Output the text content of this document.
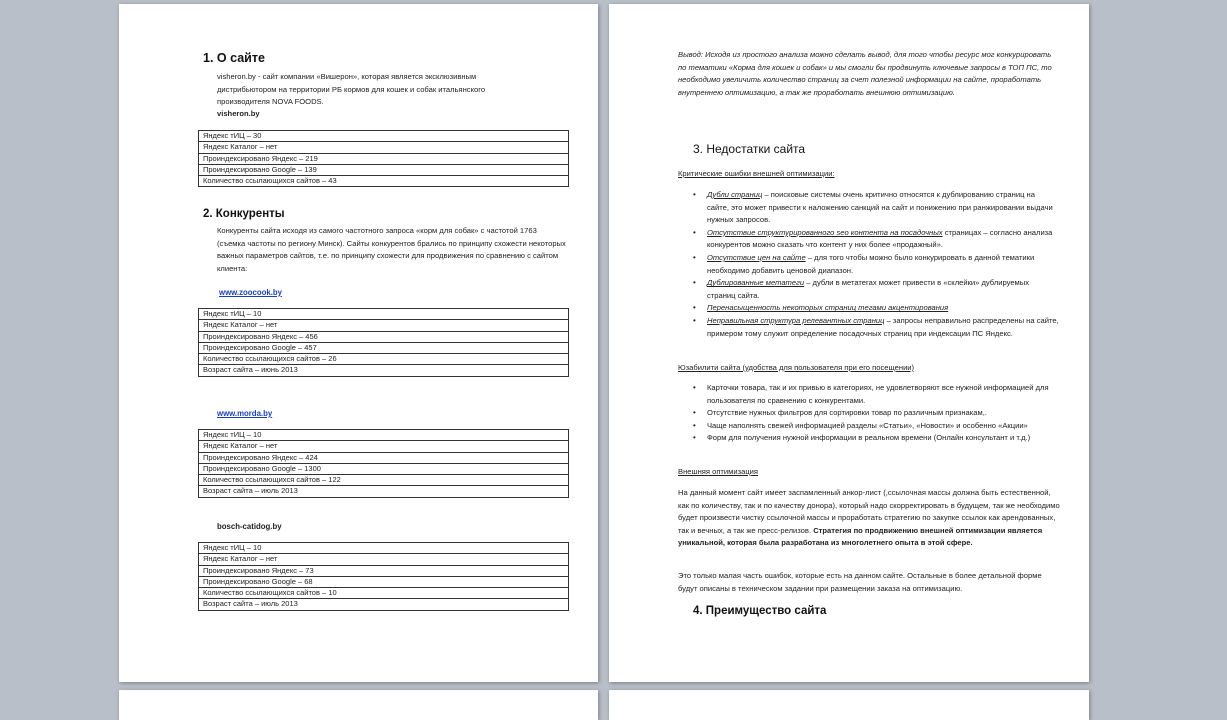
1. О сайте
visheron.by - сайт компании «Вишерон», которая является эксклюзивным дистрибьютором на территории РБ кормов для кошек и собак итальянского производителя NOVA FOODS.
visheron.by
Яндекс тИЦ – 30
Яндекс Каталог – нет
Проиндексировано Яндекс – 219
Проиндексировано Google – 139
Количество ссылающихся сайтов – 43
2. Конкуренты
Конкуренты сайта исходя из самого частотного запроса «корм для собак» с частотой 1763 (съемка частоты по региону Минск). Сайты конкурентов брались по принципу схожести некоторых важных параметров сайтов, т.е. по принципу схожести для продвижения по сравнению с сайтом клиента:
www.zoocook.by
Яндекс тИЦ – 10
Яндекс Каталог – нет
Проиндексировано Яндекс – 456
Проиндексировано Google – 457
Количество ссылающихся сайтов – 26
Возраст сайта – июнь 2013
www.morda.by
Яндекс тИЦ – 10
Яндекс Каталог – нет
Проиндексировано Яндекс – 424
Проиндексировано Google – 1300
Количество ссылающихся сайтов – 122
Возраст сайта – июль 2013
bosch-catidog.by
Яндекс тИЦ – 10
Яндекс Каталог – нет
Проиндексировано Яндекс – 73
Проиндексировано Google – 68
Количество ссылающихся сайтов – 10
Возраст сайта – июль 2013
Вывод: Исходя из простого анализа можно сделать вывод, для того чтобы ресурс мог конкурировать по тематики «Корма для кошек и собак» и мы смогли бы продвинуть ключевые запросы в ТОП ПС, то необходимо увеличить количество страниц за счет полезной информации на сайте, проработать внутреннею оптимизацию, а так же проработать внешнюю оптимизацию.
3. Недостатки сайта
Критические ошибки внешней оптимизации:
• Дубли страниц – поисковые системы очень критично относятся к дублированию страниц на сайте, это может привести к наложению санкций на сайт и понижению при ранжировании выдачи нужных запросов.
• Отсутствие структурированного seo контента на посадочных страницах – согласно анализа конкурентов можно сказать что контент у них более «продажный».
• Отсутствие цен на сайте – для того чтобы можно было конкурировать в данной тематики необходимо добавить ценовой диапазон.
• Дублированные метатеги – дубли в метатегах может привести в «склейки» дублируемых страниц сайта.
• Перенасыщенность некоторых страниц тегами акцентирования
• Неправильная структура релевантных страниц – запросы неправильно распределены на сайте, примером тому служит определение посадочных страниц при индексации ПС Яндекс.
Юзабилити сайта (удобства для пользователя при его посещении)
• Карточки товара, так и их привью в категориях, не удовлетворяют все нужной информацией для пользователя по сравнению с конкурентами.
• Отсутствие нужных фильтров для сортировки товар по различным признакам,.
• Чаще наполнять свежей информацией разделы «Статьи», «Новости» и особенно «Акции»
• Форм для получения нужной информации в реальном времени (Онлайн консультант и т.д.)
Внешняя оптимизация
На данный момент сайт имеет заспамленный анкор-лист (,ссылочная массы должна быть естественной, как по количеству, так и по качеству донора), который надо скорректировать в будущем, так же необходимо будет произвести чистку ссылочной массы и проработать стратегию по закупке ссылок как арендованных, так и вечных, а так же пресс-релизов. Стратегия по продвижению внешней оптимизации является уникальной, которая была разработана из многолетнего опыта в этой сфере.
Это только малая часть ошибок, которые есть на данном сайте. Остальные в более детальной форме будут описаны в техническом задании при размещении заказа на оптимизацию.
4. Преимущество сайта
